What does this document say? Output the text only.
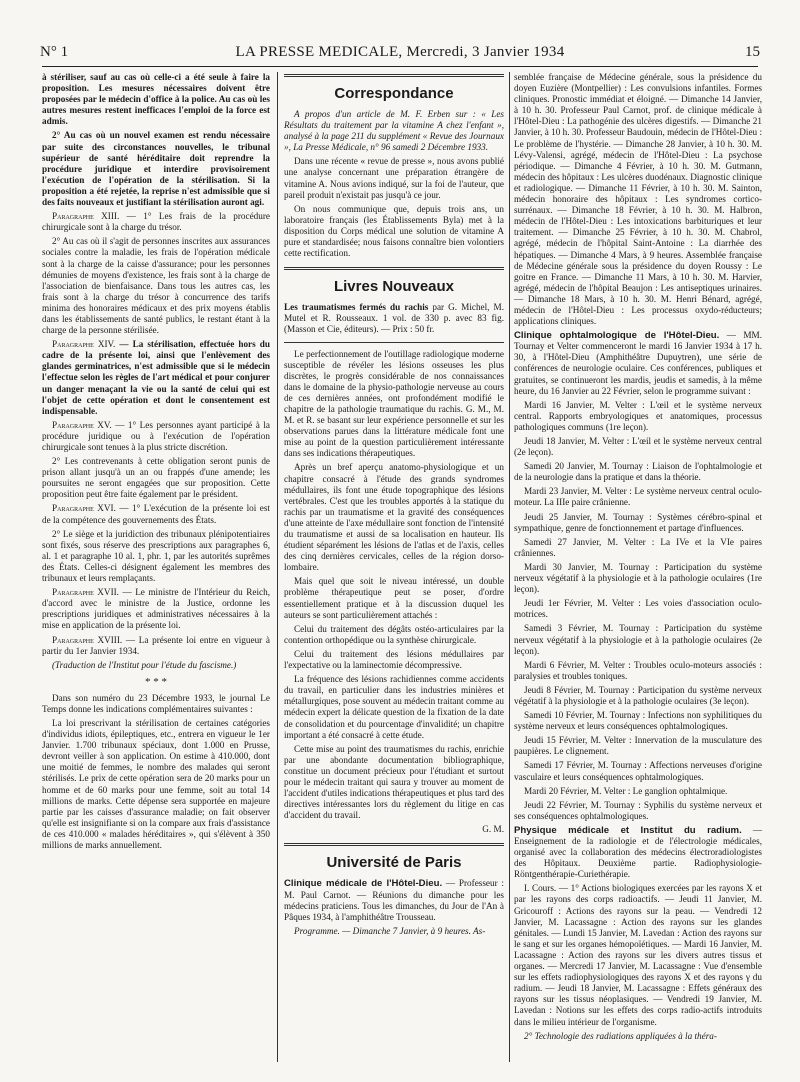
N° 1	LA PRESSE MEDICALE, Mercredi, 3 Janvier 1934	15

à stériliser, sauf au cas où celle-ci a été seule à faire la proposition. Les mesures nécessaires doivent être proposées par le médecin d'office à la police. Au cas où les autres mesures restent inefficaces l'emploi de la force est admis.

2° Au cas où un nouvel examen est rendu nécessaire par suite des circonstances nouvelles, le tribunal supérieur de santé héréditaire doit reprendre la procédure juridique et interdire provisoirement l'exécution de l'opération de la stérilisation. Si la proposition a été rejetée, la reprise n'est admissible que si des faits nouveaux et justifiant la stérilisation auront agi.

Paragraphe XIII. — 1° Les frais de la procédure chirurgicale sont à la charge du trésor.

2° Au cas où il s'agit de personnes inscrites aux assurances sociales contre la maladie, les frais de l'opération médicale sont à la charge de la caisse d'assurance; pour les personnes démunies de moyens d'existence, les frais sont à la charge de l'association de bienfaisance. Dans tous les autres cas, les frais sont à la charge du trésor à concurrence des tarifs minima des honoraires médicaux et des prix moyens établis dans les établissements de santé publics, le restant étant à la charge de la personne stérilisée.

Paragraphe XIV. — La stérilisation, effectuée hors du cadre de la présente loi, ainsi que l'enlèvement des glandes germinatrices, n'est admissible que si le médecin l'effectue selon les règles de l'art médical et pour conjurer un danger menaçant la vie ou la santé de celui qui est l'objet de cette opération et dont le consentement est indispensable.

Paragraphe XV. — 1° Les personnes ayant participé à la procédure juridique ou à l'exécution de l'opération chirurgicale sont tenues à la plus stricte discrétion.

2° Les contrevenants à cette obligation seront punis de prison allant jusqu'à un an ou frappés d'une amende; les poursuites ne seront engagées que sur proposition. Cette proposition peut être faite également par le président.

Paragraphe XVI. — 1° L'exécution de la présente loi est de la compétence des gouvernements des États.

2° Le siège et la juridiction des tribunaux plénipotentiaires sont fixés, sous réserve des prescriptions aux paragraphes 6, al. 1 et paragraphe 10 al. 1, phr. 1, par les autorités suprêmes des États. Celles-ci désignent également les membres des tribunaux et leurs remplaçants.

Paragraphe XVII. — Le ministre de l'Intérieur du Reich, d'accord avec le ministre de la Justice, ordonne les prescriptions juridiques et administratives nécessaires à la mise en application de la présente loi.

Paragraphe XVIII. — La présente loi entre en vigueur à partir du 1er Janvier 1934.

(Traduction de l'Institut pour l'étude du fascisme.)

* * *

Dans son numéro du 23 Décembre 1933, le journal Le Temps donne les indications complémentaires suivantes :

La loi prescrivant la stérilisation de certaines catégories d'individus idiots, épileptiques, etc., entrera en vigueur le 1er Janvier. 1.700 tribunaux spéciaux, dont 1.000 en Prusse, devront veiller à son application. On estime à 410.000, dont une moitié de femmes, le nombre des malades qui seront stérilisés. Le prix de cette opération sera de 20 marks pour un homme et de 60 marks pour une femme, soit au total 14 millions de marks. Cette dépense sera supportée en majeure partie par les caisses d'assurance maladie; on fait observer qu'elle est insignifiante si on la compare aux frais d'assistance de ces 410.000 « malades héréditaires », qui s'élèvent à 350 millions de marks annuellement.

Correspondance

A propos d'un article de M. F. Erben sur : « Les Résultats du traitement par la vitamine A chez l'enfant », analysé à la page 211 du supplément « Revue des Journaux », La Presse Médicale, n° 96 samedi 2 Décembre 1933.

Dans une récente « revue de presse », nous avons publié une analyse concernant une préparation étrangère de vitamine A. Nous avions indiqué, sur la foi de l'auteur, que pareil produit n'existait pas jusqu'à ce jour.

On nous communique que, depuis trois ans, un laboratoire français (les Établissements Byla) met à la disposition du Corps médical une solution de vitamine A pure et standardisée; nous faisons connaître bien volontiers cette rectification.

Livres Nouveaux

Les traumatismes fermés du rachis par G. Michel, M. Mutel et R. Rousseaux. 1 vol. de 330 p. avec 83 fig. (Masson et Cie, éditeurs). — Prix : 50 fr.

Le perfectionnement de l'outillage radiologique moderne susceptible de révéler les lésions osseuses les plus discrètes, le progrès considérable de nos connaissances dans le domaine de la physio-pathologie nerveuse au cours de ces dernières années, ont profondément modifié le chapitre de la pathologie traumatique du rachis. G. M., M. M. et R. se basant sur leur expérience personnelle et sur les observations parues dans la littérature médicale font une mise au point de la question particulièrement intéressante dans ses indications thérapeutiques.

Après un bref aperçu anatomo-physiologique et un chapitre consacré à l'étude des grands syndromes médullaires, ils font une étude topographique des lésions vertébrales. C'est que les troubles apportés à la statique du rachis par un traumatisme et la gravité des conséquences d'une atteinte de l'axe médullaire sont fonction de l'intensité du traumatisme et aussi de sa localisation en hauteur. Ils étudient séparément les lésions de l'atlas et de l'axis, celles des cinq dernières cervicales, celles de la région dorso-lombaire.

Mais quel que soit le niveau intéressé, un double problème thérapeutique peut se poser, d'ordre essentiellement pratique et à la discussion duquel les auteurs se sont particulièrement attachés :

Celui du traitement des dégâts ostéo-articulaires par la contention orthopédique ou la synthèse chirurgicale.

Celui du traitement des lésions médullaires par l'expectative ou la laminectomie décompressive.

La fréquence des lésions rachidiennes comme accidents du travail, en particulier dans les industries minières et métallurgiques, pose souvent au médecin traitant comme au médecin expert la délicate question de la fixation de la date de consolidation et du pourcentage d'invalidité; un chapitre important a été consacré à cette étude.

Cette mise au point des traumatismes du rachis, enrichie par une abondante documentation bibliographique, constitue un document précieux pour l'étudiant et surtout pour le médecin traitant qui saura y trouver au moment de l'accident d'utiles indications thérapeutiques et plus tard des directives intéressantes lors du règlement du litige en cas d'accident du travail.

G. M.

Université de Paris

Clinique médicale de l'Hôtel-Dieu. — Professeur : M. Paul Carnot. — Réunions du dimanche pour les médecins praticiens. Tous les dimanches, du Jour de l'An à Pâques 1934, à l'amphithéâtre Trousseau.

Programme. — Dimanche 7 Janvier, à 9 heures. As-

semblée française de Médecine générale, sous la présidence du doyen Euzière (Montpellier) : Les convulsions infantiles. Formes cliniques. Pronostic immédiat et éloigné. — Dimanche 14 Janvier, à 10 h. 30. Professeur Paul Carnot, prof. de clinique médicale à l'Hôtel-Dieu : La pathogénie des ulcères digestifs. — Dimanche 21 Janvier, à 10 h. 30. Professeur Baudouin, médecin de l'Hôtel-Dieu : Le problème de l'hystérie. — Dimanche 28 Janvier, à 10 h. 30. M. Lévy-Valensi, agrégé, médecin de l'Hôtel-Dieu : La psychose périodique. — Dimanche 4 Février, à 10 h. 30. M. Gutmann, médecin des hôpitaux : Les ulcères duodénaux. Diagnostic clinique et radiologique. — Dimanche 11 Février, à 10 h. 30. M. Sainton, médecin honoraire des hôpitaux : Les syndromes cortico-surrénaux. — Dimanche 18 Février, à 10 h. 30. M. Halbron, médecin de l'Hôtel-Dieu : Les intoxications barbituriques et leur traitement. — Dimanche 25 Février, à 10 h. 30. M. Chabrol, agrégé, médecin de l'hôpital Saint-Antoine : La diarrhée des hépatiques. — Dimanche 4 Mars, à 9 heures. Assemblée française de Médecine générale sous la présidence du doyen Roussy : Le goitre en France. — Dimanche 11 Mars, à 10 h. 30. M. Harvier, agrégé, médecin de l'hôpital Beaujon : Les antiseptiques urinaires. — Dimanche 18 Mars, à 10 h. 30. M. Henri Bénard, agrégé, médecin de l'Hôtel-Dieu : Les processus oxydo-réducteurs; applications cliniques.

Clinique ophtalmologique de l'Hôtel-Dieu. — MM. Tournay et Velter commenceront le mardi 16 Janvier 1934 à 17 h. 30, à l'Hôtel-Dieu (Amphithéâtre Dupuytren), une série de conférences de neurologie oculaire. Ces conférences, publiques et gratuites, se continueront les mardis, jeudis et samedis, à la même heure, du 16 Janvier au 22 Février, selon le programme suivant :

Mardi 16 Janvier, M. Velter : L'œil et le système nerveux central. Rapports embryologiques et anatomiques, processus pathologiques communs (1re leçon).

Jeudi 18 Janvier, M. Velter : L'œil et le système nerveux central (2e leçon).

Samedi 20 Janvier, M. Tournay : Liaison de l'ophtalmologie et de la neurologie dans la pratique et dans la théorie.

Mardi 23 Janvier, M. Velter : Le système nerveux central oculo-moteur. La IIIe paire crânienne.

Jeudi 25 Janvier, M. Tournay : Systèmes cérébro-spinal et sympathique, genre de fonctionnement et partage d'influences.

Samedi 27 Janvier, M. Velter : La IVe et la VIe paires crâniennes.

Mardi 30 Janvier, M. Tournay : Participation du système nerveux végétatif à la physiologie et à la pathologie oculaires (1re leçon).

Jeudi 1er Février, M. Velter : Les voies d'association oculo-motrices.

Samedi 3 Février, M. Tournay : Participation du système nerveux végétatif à la physiologie et à la pathologie oculaires (2e leçon).

Mardi 6 Février, M. Velter : Troubles oculo-moteurs associés : paralysies et troubles toniques.

Jeudi 8 Février, M. Tournay : Participation du système nerveux végétatif à la physiologie et à la pathologie oculaires (3e leçon).

Samedi 10 Février, M. Tournay : Infections non syphilitiques du système nerveux et leurs conséquences ophtalmologiques.

Jeudi 15 Février, M. Velter : Innervation de la musculature des paupières. Le clignement.

Samedi 17 Février, M. Tournay : Affections nerveuses d'origine vasculaire et leurs conséquences ophtalmologiques.

Mardi 20 Février, M. Velter : Le ganglion ophtalmique.

Jeudi 22 Février, M. Tournay : Syphilis du système nerveux et ses conséquences ophtalmologiques.

Physique médicale et Institut du radium. — Enseignement de la radiologie et de l'électrologie médicales, organisé avec la collaboration des médecins électroradiologistes des Hôpitaux. Deuxième partie. Radiophysiologie-Röntgenthérapie-Curiethérapie.

I. Cours. — 1° Actions biologiques exercées par les rayons X et par les rayons des corps radioactifs. — Jeudi 11 Janvier, M. Gricouroff : Actions des rayons sur la peau. — Vendredi 12 Janvier, M. Lacassagne : Action des rayons sur les glandes génitales. — Lundi 15 Janvier, M. Lavedan : Action des rayons sur le sang et sur les organes hémopoïétiques. — Mardi 16 Janvier, M. Lacassagne : Action des rayons sur les divers autres tissus et organes. — Mercredi 17 Janvier, M. Lacassagne : Vue d'ensemble sur les effets radiophysiologiques des rayons X et des rayons γ du radium. — Jeudi 18 Janvier, M. Lacassagne : Effets généraux des rayons sur les tissus néoplasiques. — Vendredi 19 Janvier, M. Lavedan : Notions sur les effets des corps radio-actifs introduits dans le milieu intérieur de l'organisme.

2° Technologie des radiations appliquées à la théra-
